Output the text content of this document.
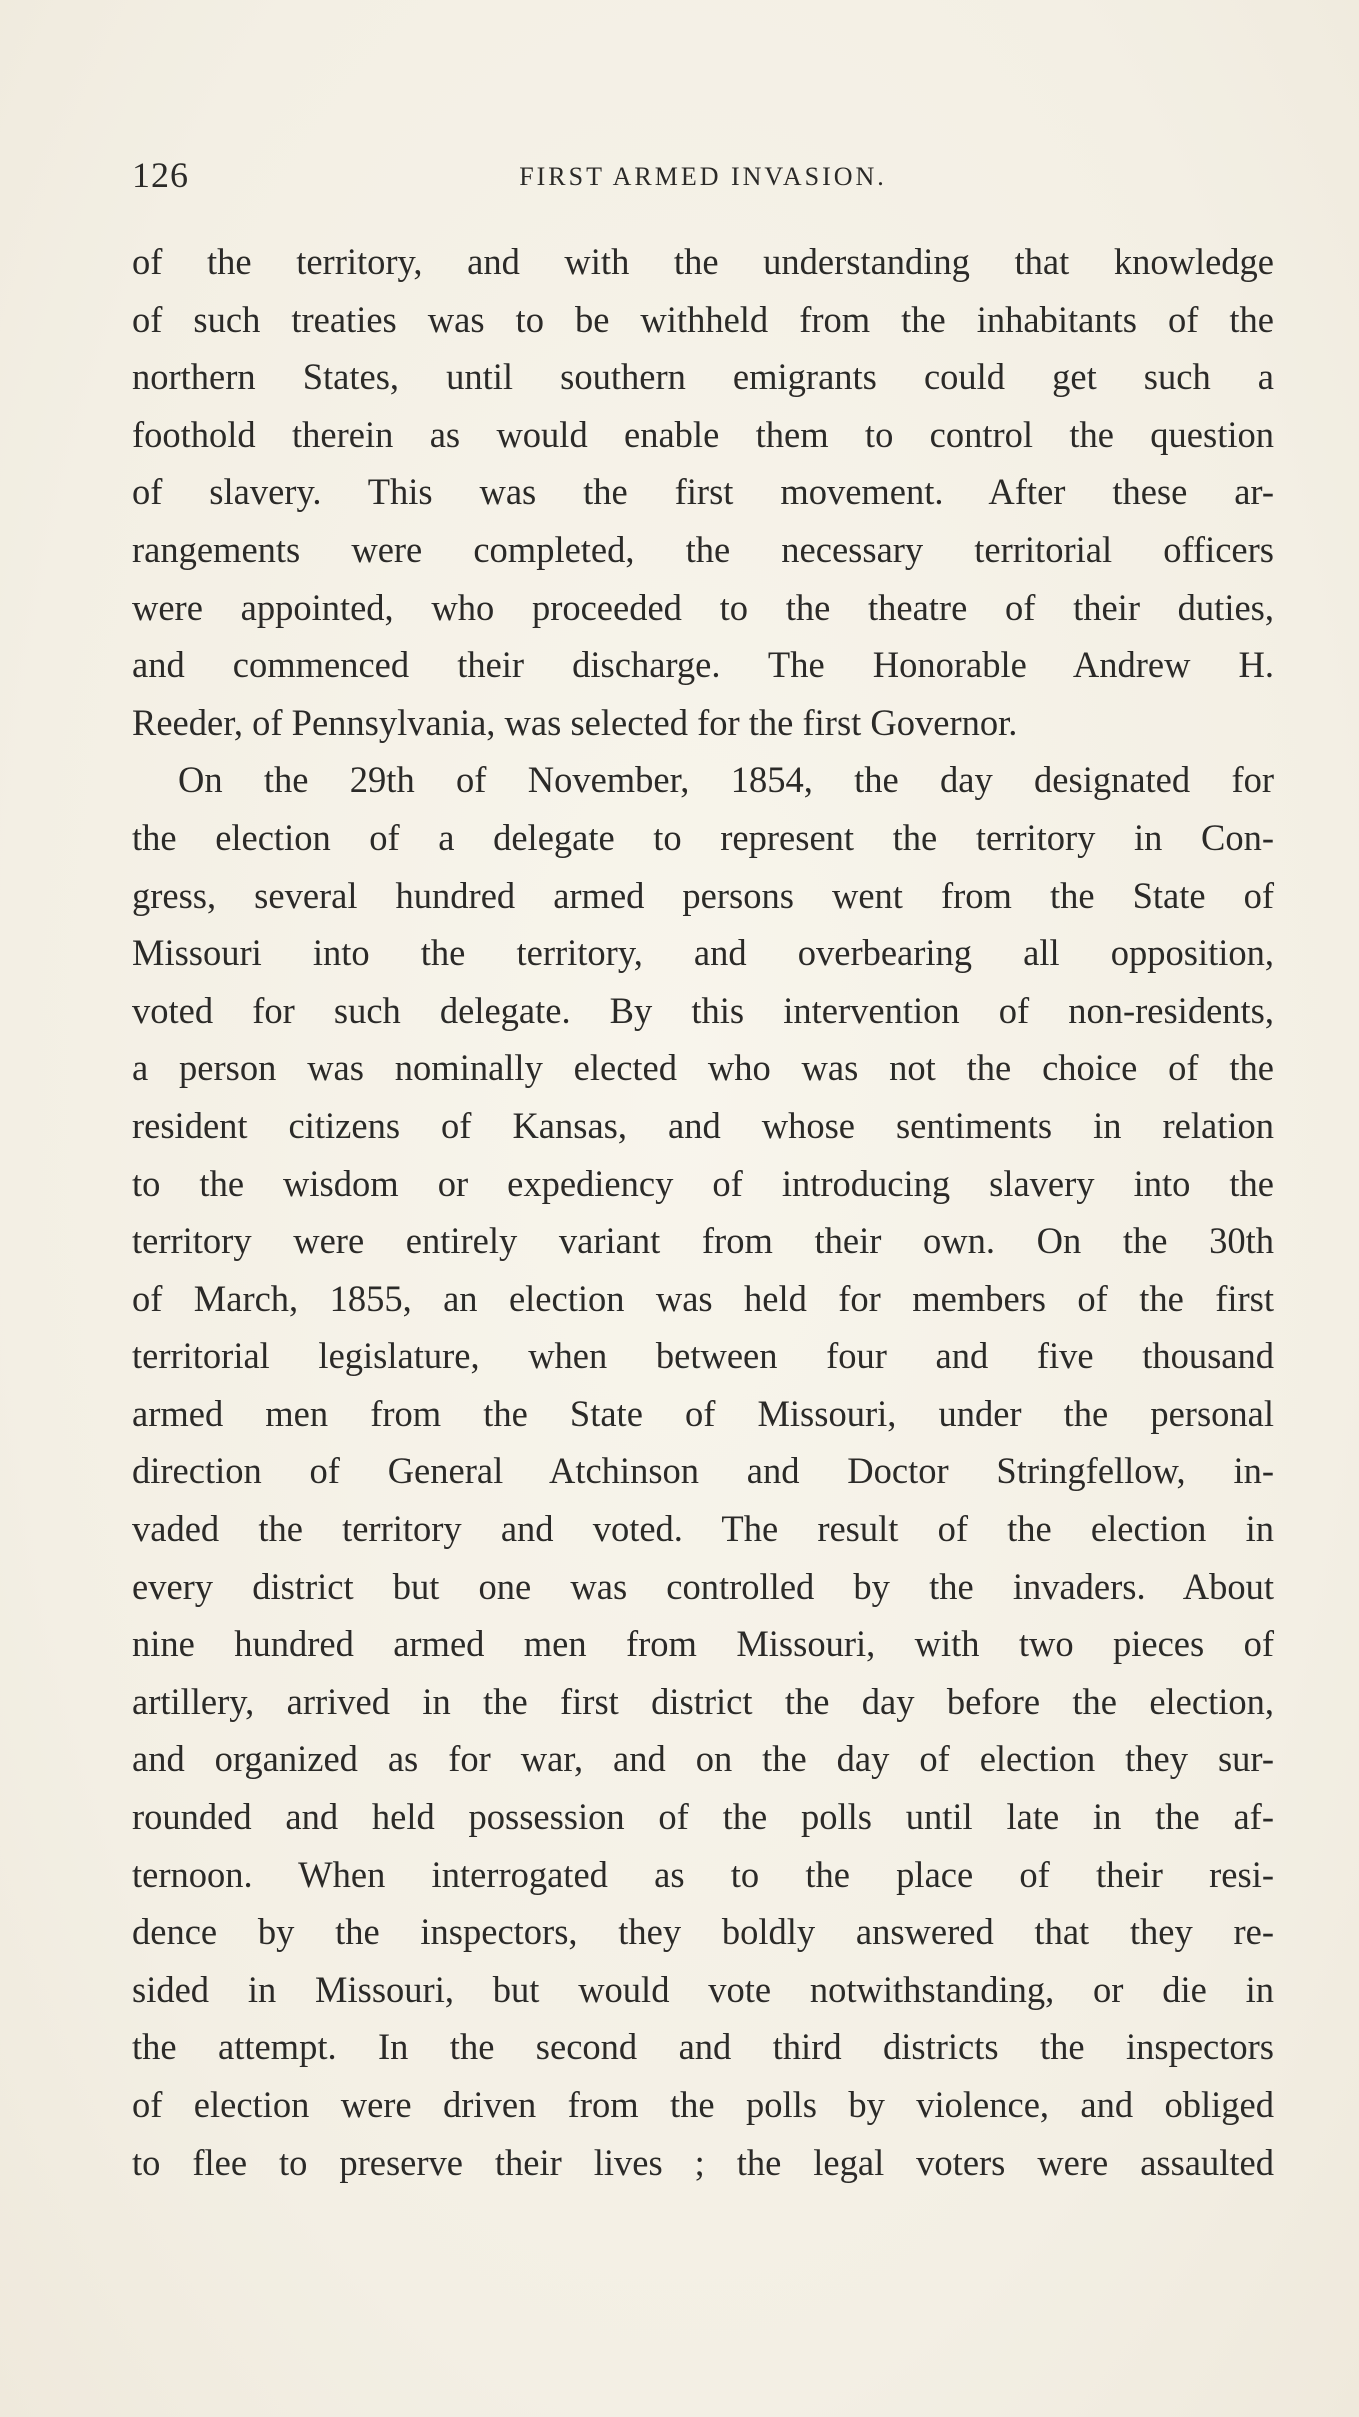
126	FIRST ARMED INVASION.
of the territory, and with the understanding that knowledge
of such treaties was to be withheld from the inhabitants of the
northern States, until southern emigrants could get such a
foothold therein as would enable them to control the question
of slavery. This was the first movement. After these ar-
rangements were completed, the necessary territorial officers
were appointed, who proceeded to the theatre of their duties,
and commenced their discharge. The Honorable Andrew H.
Reeder, of Pennsylvania, was selected for the first Governor.
On the 29th of November, 1854, the day designated for
the election of a delegate to represent the territory in Con-
gress, several hundred armed persons went from the State of
Missouri into the territory, and overbearing all opposition,
voted for such delegate. By this intervention of non-residents,
a person was nominally elected who was not the choice of the
resident citizens of Kansas, and whose sentiments in relation
to the wisdom or expediency of introducing slavery into the
territory were entirely variant from their own. On the 30th
of March, 1855, an election was held for members of the first
territorial legislature, when between four and five thousand
armed men from the State of Missouri, under the personal
direction of General Atchinson and Doctor Stringfellow, in-
vaded the territory and voted. The result of the election in
every district but one was controlled by the invaders. About
nine hundred armed men from Missouri, with two pieces of
artillery, arrived in the first district the day before the election,
and organized as for war, and on the day of election they sur-
rounded and held possession of the polls until late in the af-
ternoon. When interrogated as to the place of their resi-
dence by the inspectors, they boldly answered that they re-
sided in Missouri, but would vote notwithstanding, or die in
the attempt. In the second and third districts the inspectors
of election were driven from the polls by violence, and obliged
to flee to preserve their lives ; the legal voters were assaulted
